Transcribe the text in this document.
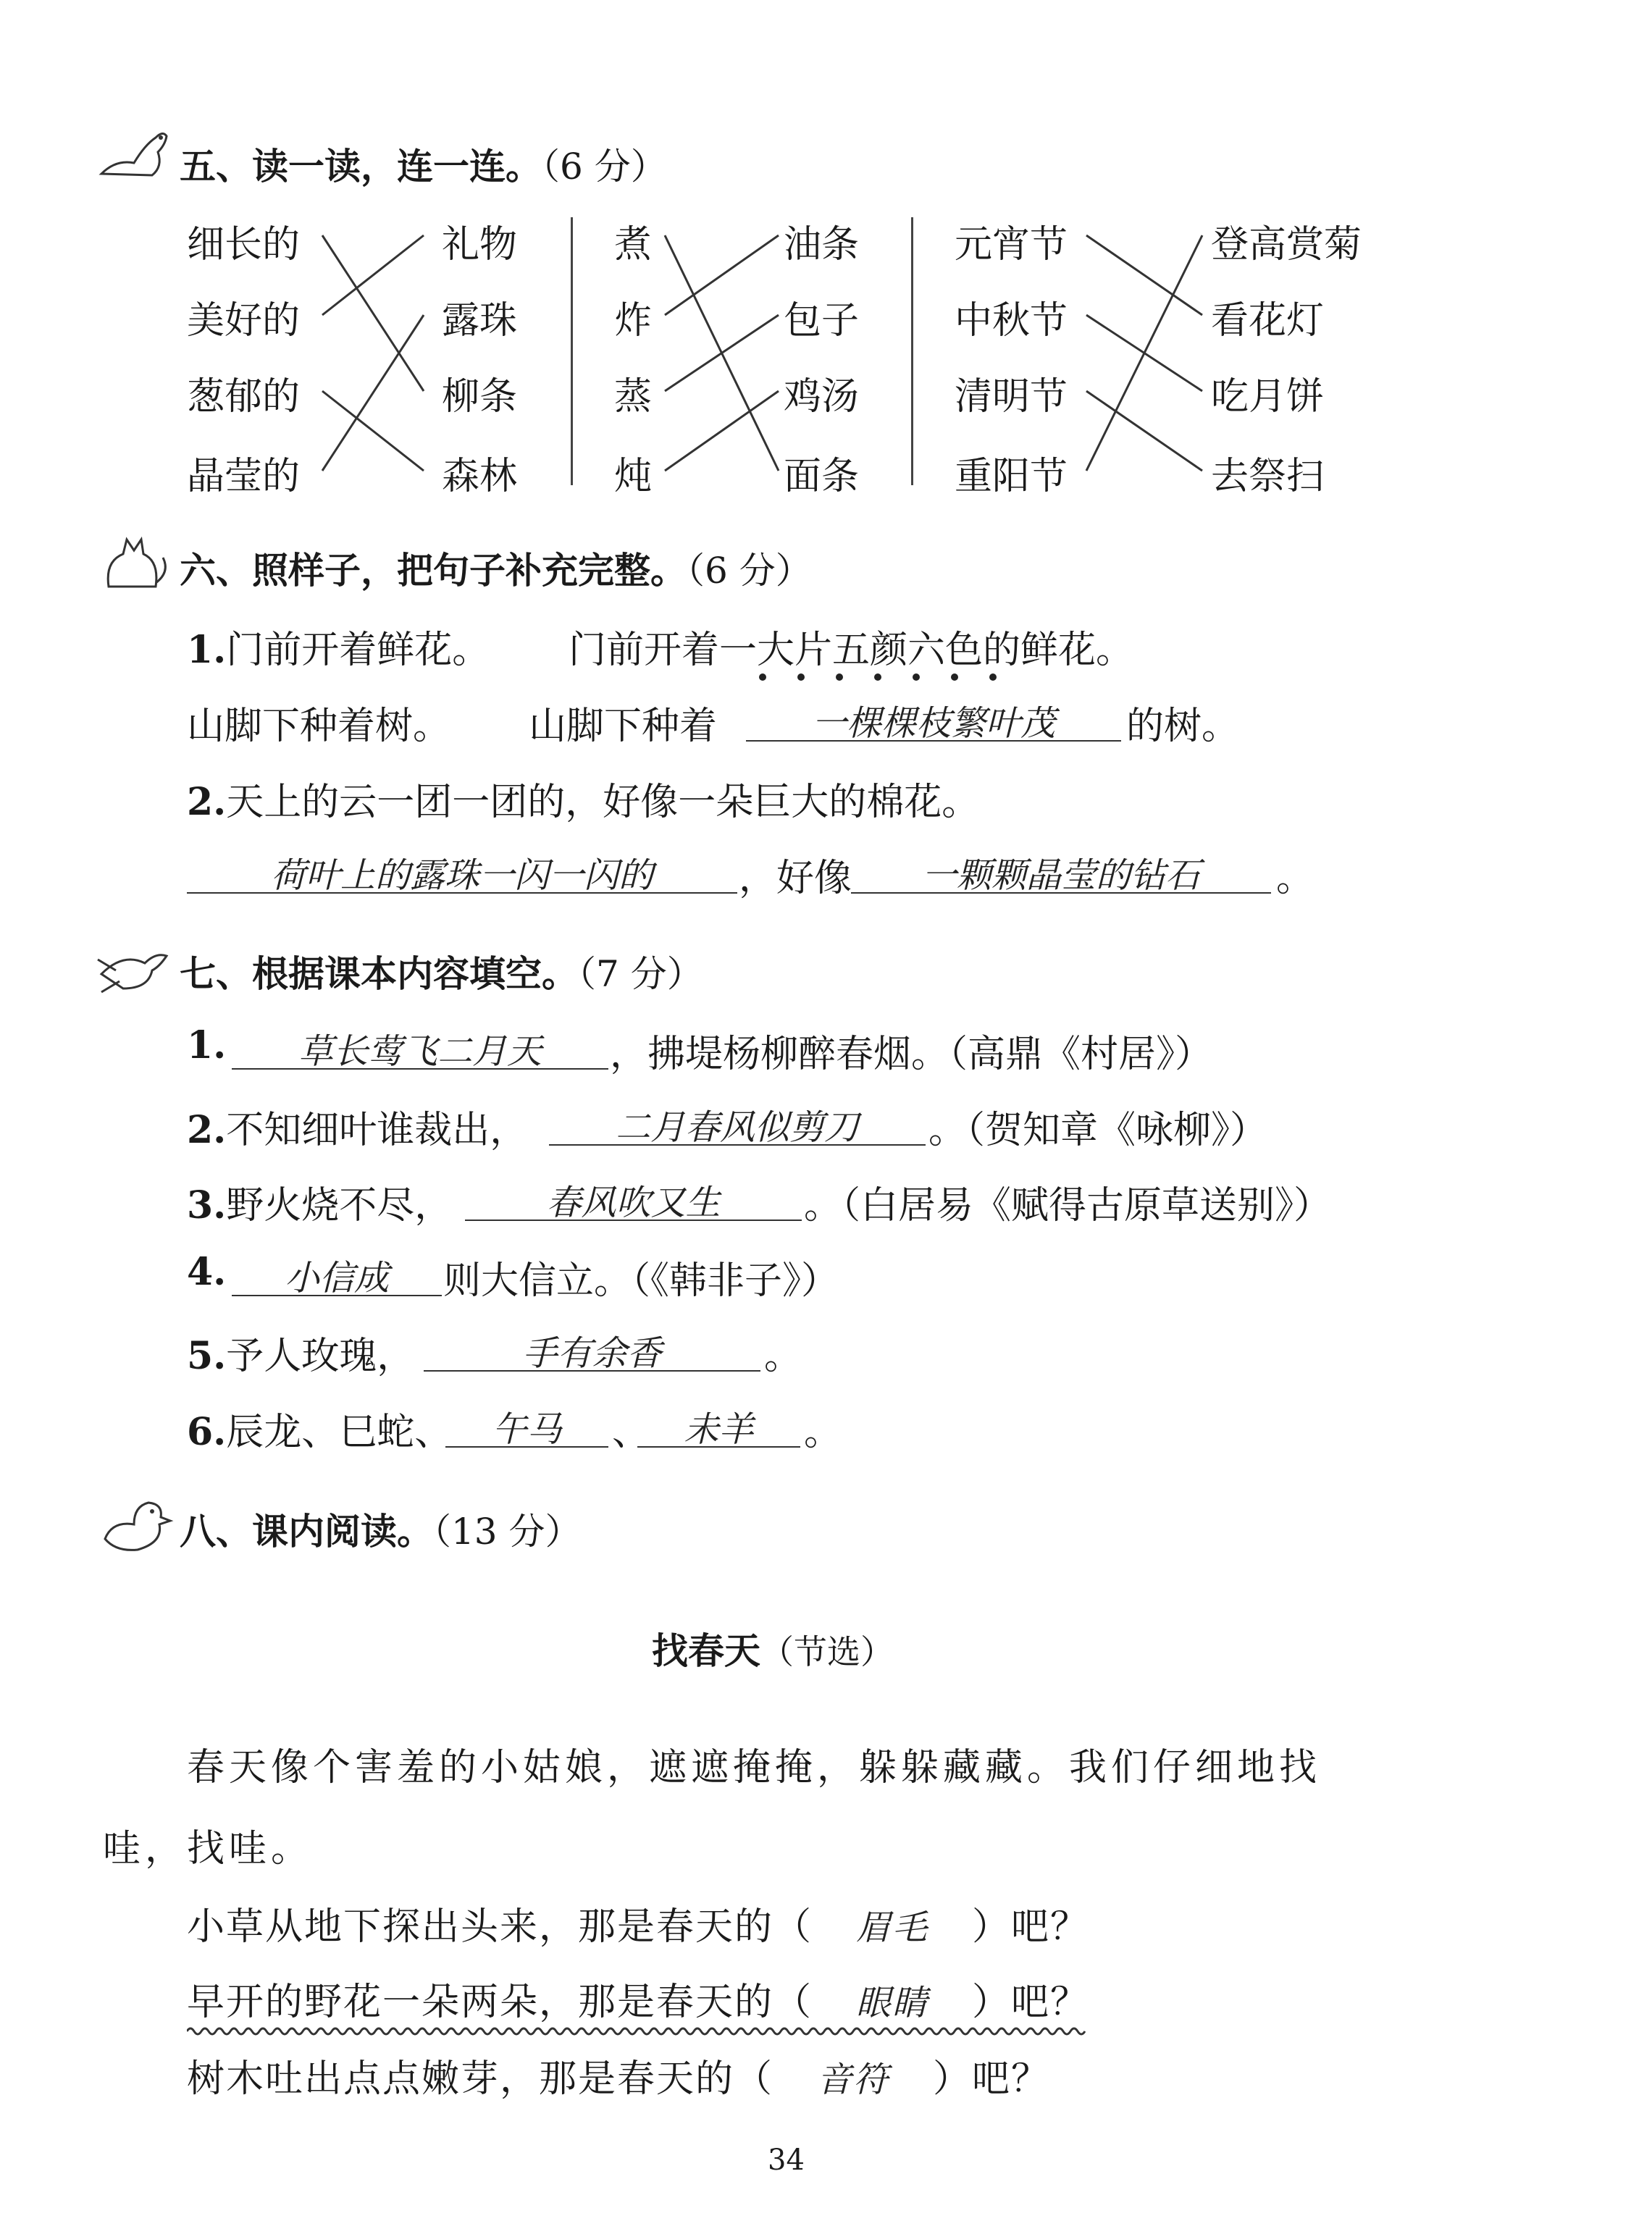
五、读一读，连一连。（6 分）
细长的
美好的
葱郁的
晶莹的
礼物
露珠
柳条
森林
煮
炸
蒸
炖
油条
包子
鸡汤
面条
元宵节
中秋节
清明节
重阳节
登高赏菊
看花灯
吃月饼
去祭扫
六、照样子，把句子补充完整。（6 分）
1.门前开着鲜花。 门前开着一大片五颜六色的鲜花。
山脚下种着树。 山脚下种着	一棵棵枝繁叶茂	的树。
2.天上的云一团一团的，好像一朵巨大的棉花。
荷叶上的露珠一闪一闪的	，好像	一颗颗晶莹的钻石	。
七、根据课本内容填空。（7 分）
1.	草长莺飞二月天	，拂堤杨柳醉春烟。（高鼎《村居》）
2.不知细叶谁裁出，	二月春风似剪刀	。（贺知章《咏柳》）
3.野火烧不尽，	春风吹又生	。（白居易《赋得古原草送别》）
4.	小信成	则大信立。（《韩非子》）
5.予人玫瑰，	手有余香	。
6.辰龙、巳蛇、	午马	、 未羊	。
八、课内阅读。（13 分）
找春天（节选）
春天像个害羞的小姑娘，遮遮掩掩，躲躲藏藏。我们仔细地找
哇，找哇。
小草从地下探出头来，那是春天的（ 眉毛 ）吧？
早开的野花一朵两朵，那是春天的（ 眼睛 ）吧？
树木吐出点点嫩芽，那是春天的（ 音符 ）吧？
34
